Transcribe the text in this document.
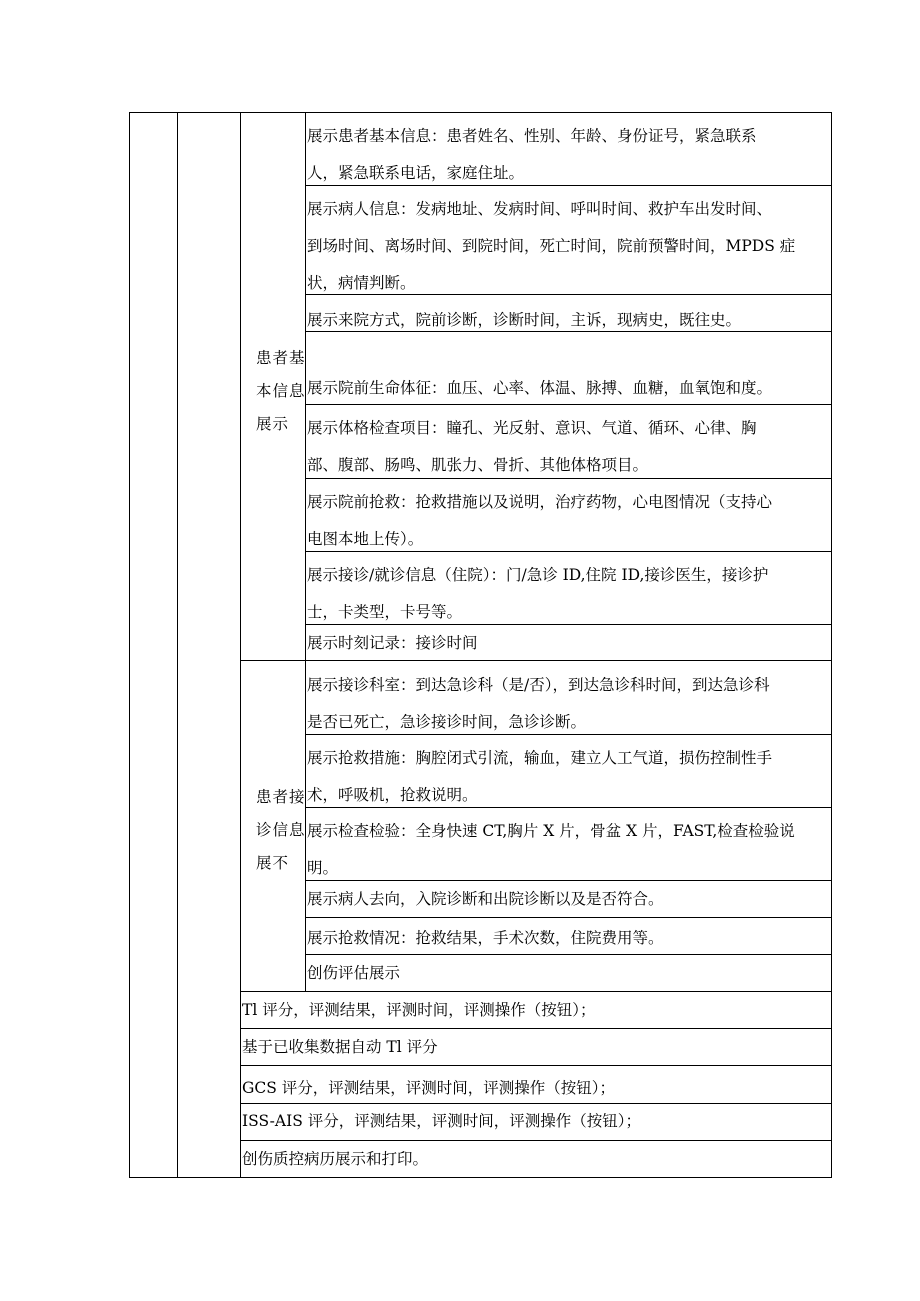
患者基
本信息
展示
患者接
诊信息
展不
展示患者基本信息：患者姓名、性别、年龄、身份证号，紧急联系
人，紧急联系电话，家庭住址。
展示病人信息：发病地址、发病时间、呼叫时间、救护车出发时间、
到场时间、离场时间、到院时间，死亡时间，院前预警时间，MPDS 症
状，病情判断。
展示来院方式，院前诊断，诊断时间，主诉，现病史，既往史。
展示院前生命体征：血压、心率、体温、脉搏、血糖，血氧饱和度。
展示体格检查项目：瞳孔、光反射、意识、气道、循环、心律、胸
部、腹部、肠鸣、肌张力、骨折、其他体格项目。
展示院前抢救：抢救措施以及说明，治疗药物，心电图情况（支持心
电图本地上传）。
展示接诊/就诊信息（住院）：门/急诊 ID,住院 ID,接诊医生，接诊护
士，卡类型，卡号等。
展示时刻记录：接诊时间
展示接诊科室：到达急诊科（是/否），到达急诊科时间，到达急诊科
是否已死亡，急诊接诊时间，急诊诊断。
展示抢救措施：胸腔闭式引流，输血，建立人工气道，损伤控制性手
术，呼吸机，抢救说明。
展示检查检验：全身快速 CT,胸片 X 片，骨盆 X 片，FAST,检查检验说
明。
展示病人去向，入院诊断和出院诊断以及是否符合。
展示抢救情况：抢救结果，手术次数，住院费用等。
创伤评估展示
Tl 评分，评测结果，评测时间，评测操作（按钮）；
基于已收集数据自动 Tl 评分
GCS 评分，评测结果，评测时间，评测操作（按钮）；
ISS-AIS 评分，评测结果，评测时间，评测操作（按钮）；
创伤质控病历展示和打印。
